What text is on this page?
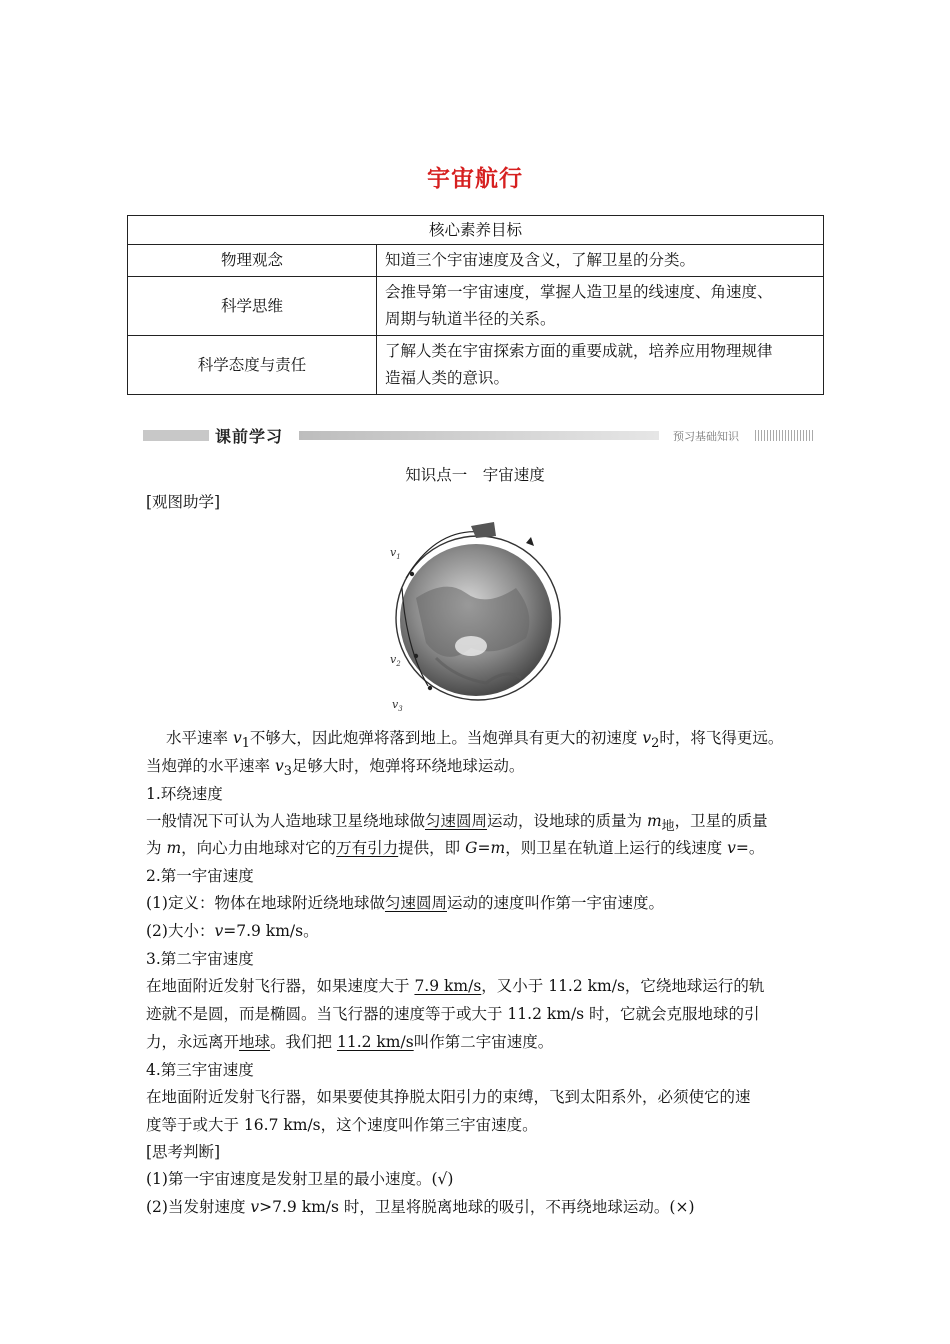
宇宙航行
核心素养目标	
物理观念	知道三个宇宙速度及含义，了解卫星的分类。
科学思维	会推导第一宇宙速度，掌握人造卫星的线速度、角速度、
周期与轨道半径的关系。
科学态度与责任	了解人类在宇宙探索方面的重要成就，培养应用物理规律
造福人类的意识。
课前学习	预习基础知识
知识点一　宇宙速度
[观图助学]
$v_1$
$v_2$
$v_3$
水平速率 $v_1$不够大，因此炮弹将落到地上。当炮弹具有更大的初速度 $v_2$时，将飞得更远。
当炮弹的水平速率 $v_3$足够大时，炮弹将环绕地球运动。
1.环绕速度
一般情况下可认为人造地球卫星绕地球做匀速圆周运动，设地球的质量为 $m_地$，卫星的质量
为 m，向心力由地球对它的万有引力提供，即 G=m，则卫星在轨道上运行的线速度 v=。
2.第一宇宙速度
(1)定义：物体在地球附近绕地球做匀速圆周运动的速度叫作第一宇宙速度。
(2)大小：v=7.9 km/s。
3.第二宇宙速度
在地面附近发射飞行器，如果速度大于 7.9 km/s，又小于 11.2 km/s，它绕地球运行的轨
迹就不是圆，而是椭圆。当飞行器的速度等于或大于 11.2 km/s 时，它就会克服地球的引
力，永远离开地球。我们把 11.2 km/s叫作第二宇宙速度。
4.第三宇宙速度
在地面附近发射飞行器，如果要使其挣脱太阳引力的束缚，飞到太阳系外，必须使它的速
度等于或大于 16.7 km/s，这个速度叫作第三宇宙速度。
[思考判断]
(1)第一宇宙速度是发射卫星的最小速度。(√)
(2)当发射速度 v>7.9 km/s 时，卫星将脱离地球的吸引，不再绕地球运动。(×)
